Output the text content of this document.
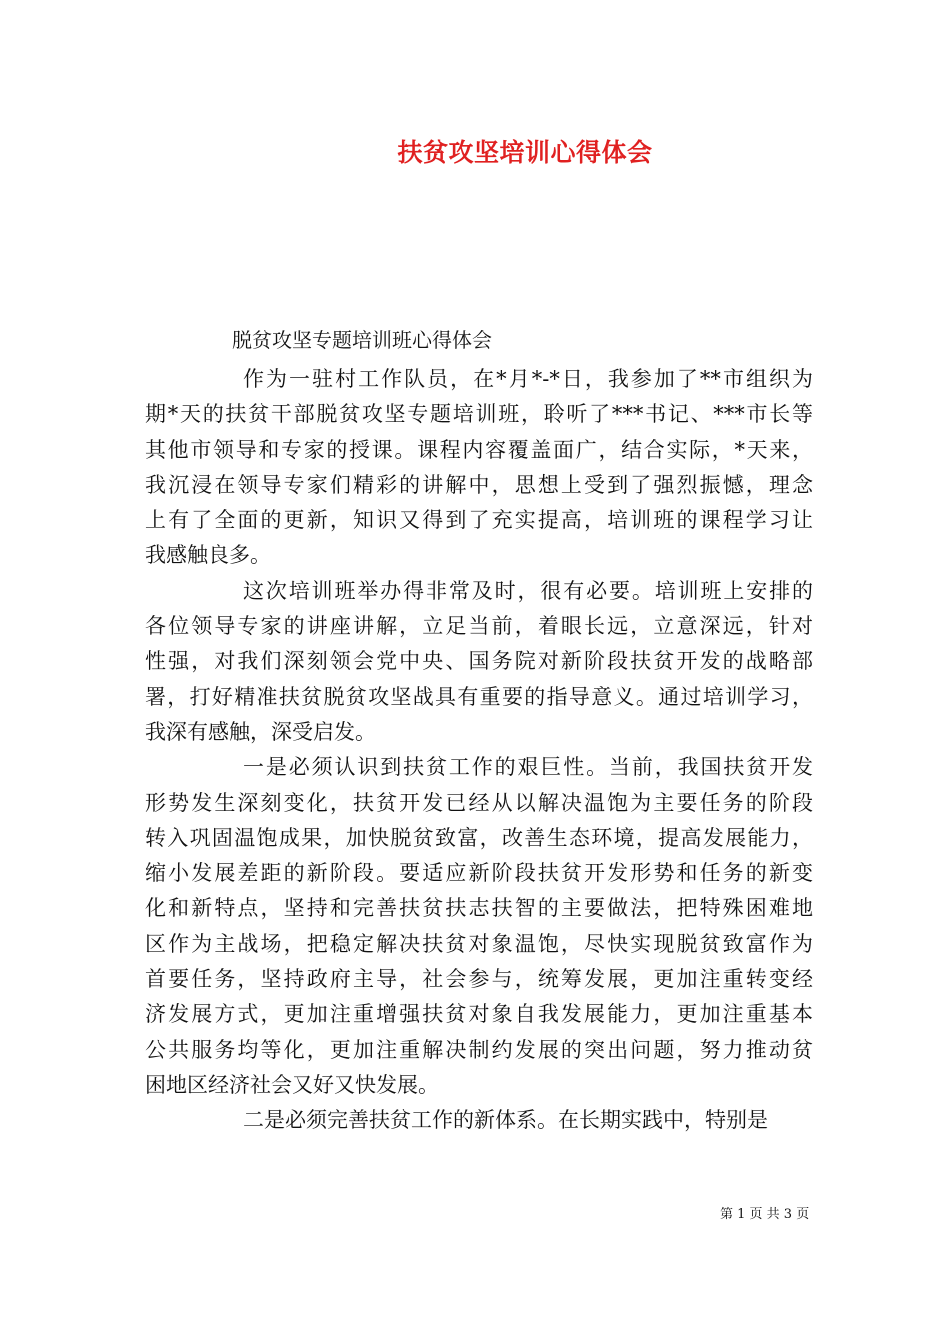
扶贫攻坚培训心得体会
脱贫攻坚专题培训班心得体会
作为一驻村工作队员，在*月*-*日，我参加了**市组织为
期*天的扶贫干部脱贫攻坚专题培训班，聆听了***书记、***市长等
其他市领导和专家的授课。课程内容覆盖面广，结合实际，*天来，
我沉浸在领导专家们精彩的讲解中，思想上受到了强烈振憾，理念
上有了全面的更新，知识又得到了充实提高，培训班的课程学习让
我感触良多。
这次培训班举办得非常及时，很有必要。培训班上安排的
各位领导专家的讲座讲解，立足当前，着眼长远，立意深远，针对
性强，对我们深刻领会党中央、国务院对新阶段扶贫开发的战略部
署，打好精准扶贫脱贫攻坚战具有重要的指导意义。通过培训学习，
我深有感触，深受启发。
一是必须认识到扶贫工作的艰巨性。当前，我国扶贫开发
形势发生深刻变化，扶贫开发已经从以解决温饱为主要任务的阶段
转入巩固温饱成果，加快脱贫致富，改善生态环境，提高发展能力，
缩小发展差距的新阶段。要适应新阶段扶贫开发形势和任务的新变
化和新特点，坚持和完善扶贫扶志扶智的主要做法，把特殊困难地
区作为主战场，把稳定解决扶贫对象温饱，尽快实现脱贫致富作为
首要任务，坚持政府主导，社会参与，统筹发展，更加注重转变经
济发展方式，更加注重增强扶贫对象自我发展能力，更加注重基本
公共服务均等化，更加注重解决制约发展的突出问题，努力推动贫
困地区经济社会又好又快发展。
二是必须完善扶贫工作的新体系。在长期实践中，特别是
第 1 页 共 3 页
